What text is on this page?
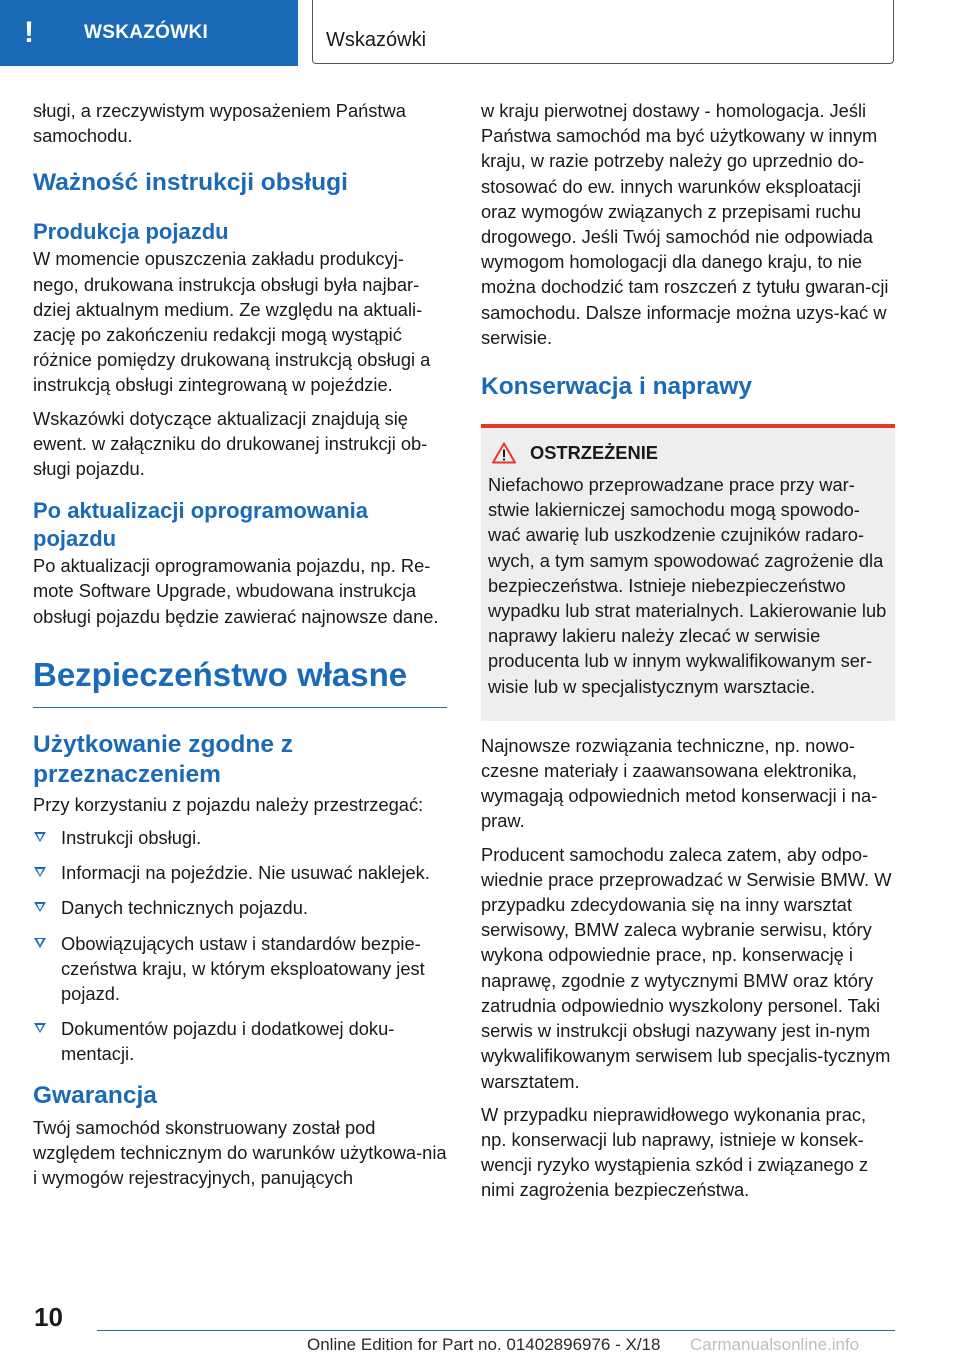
!	WSKAZÓWKI	Wskazówki

sługi, a rzeczywistym wyposażeniem Państwa samochodu.

Ważność instrukcji obsługi
Produkcja pojazdu

W momencie opuszczenia zakładu produkcyj-nego, drukowana instrukcja obsługi była najbar-dziej aktualnym medium. Ze względu na aktuali-zację po zakończeniu redakcji mogą wystąpić różnice pomiędzy drukowaną instrukcją obsługi a instrukcją obsługi zintegrowaną w pojeździe.

Wskazówki dotyczące aktualizacji znajdują się ewent. w załączniku do drukowanej instrukcji ob-sługi pojazdu.

Po aktualizacji oprogramowania pojazdu

Po aktualizacji oprogramowania pojazdu, np. Re-mote Software Upgrade, wbudowana instrukcja obsługi pojazdu będzie zawierać najnowsze dane.

Bezpieczeństwo własne
Użytkowanie zgodne z przeznaczeniem

Przy korzystaniu z pojazdu należy przestrzegać:

Instrukcji obsługi.
Informacji na pojeździe. Nie usuwać naklejek.
Danych technicznych pojazdu.
Obowiązujących ustaw i standardów bezpie-czeństwa kraju, w którym eksploatowany jest pojazd.
Dokumentów pojazdu i dodatkowej doku-mentacji.
Gwarancja

Twój samochód skonstruowany został pod względem technicznym do warunków użytkowa-nia i wymogów rejestracyjnych, panujących

w kraju pierwotnej dostawy - homologacja. Jeśli Państwa samochód ma być użytkowany w innym kraju, w razie potrzeby należy go uprzednio do-stosować do ew. innych warunków eksploatacji oraz wymogów związanych z przepisami ruchu drogowego. Jeśli Twój samochód nie odpowiada wymogom homologacji dla danego kraju, to nie można dochodzić tam roszczeń z tytułu gwaran-cji samochodu. Dalsze informacje można uzys-kać w serwisie.

Konserwacja i naprawy
OSTRZEŻENIE

Niefachowo przeprowadzane prace przy war-stwie lakierniczej samochodu mogą spowodo-wać awarię lub uszkodzenie czujników radaro-wych, a tym samym spowodować zagrożenie dla bezpieczeństwa. Istnieje niebezpieczeństwo wypadku lub strat materialnych. Lakierowanie lub naprawy lakieru należy zlecać w serwisie producenta lub w innym wykwalifikowanym ser-wisie lub w specjalistycznym warsztacie.

Najnowsze rozwiązania techniczne, np. nowo-czesne materiały i zaawansowana elektronika, wymagają odpowiednich metod konserwacji i na-praw.

Producent samochodu zaleca zatem, aby odpo-wiednie prace przeprowadzać w Serwisie BMW. W przypadku zdecydowania się na inny warsztat serwisowy, BMW zaleca wybranie serwisu, który wykona odpowiednie prace, np. konserwację i naprawę, zgodnie z wytycznymi BMW oraz który zatrudnia odpowiednio wyszkolony personel. Taki serwis w instrukcji obsługi nazywany jest in-nym wykwalifikowanym serwisem lub specjalis-tycznym warsztatem.

W przypadku nieprawidłowego wykonania prac, np. konserwacji lub naprawy, istnieje w konsek-wencji ryzyko wystąpienia szkód i związanego z nimi zagrożenia bezpieczeństwa.

10
Online Edition for Part no. 01402896976 - X/18 Carmanualsonline.info
